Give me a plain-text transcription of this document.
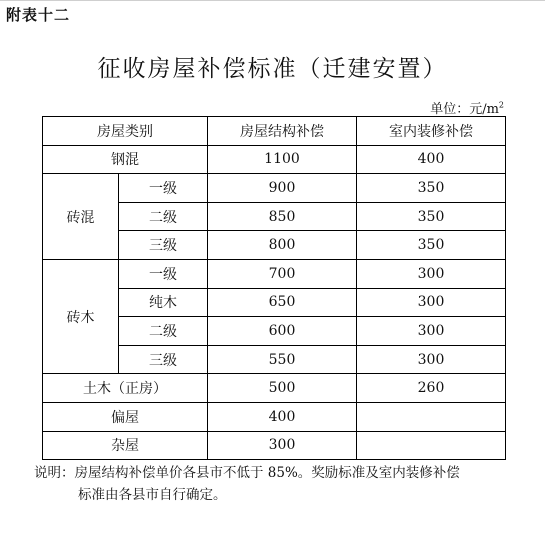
附表十二
征收房屋补偿标准（迁建安置）
单位：元$/m^2$
房屋类别		房屋结构补偿	室内装修补偿
钢混		1100	400
砖混	一级	900	350
	二级	850	350
	三级	800	350
砖木	一级	700	300
	纯木	650	300
	二级	600	300
	三级	550	300
土木（正房）		500	260
偏屋		400	
杂屋		300	
说明：房屋结构补偿单价各县市不低于 85%。奖励标准及室内装修补偿
标准由各县市自行确定。
